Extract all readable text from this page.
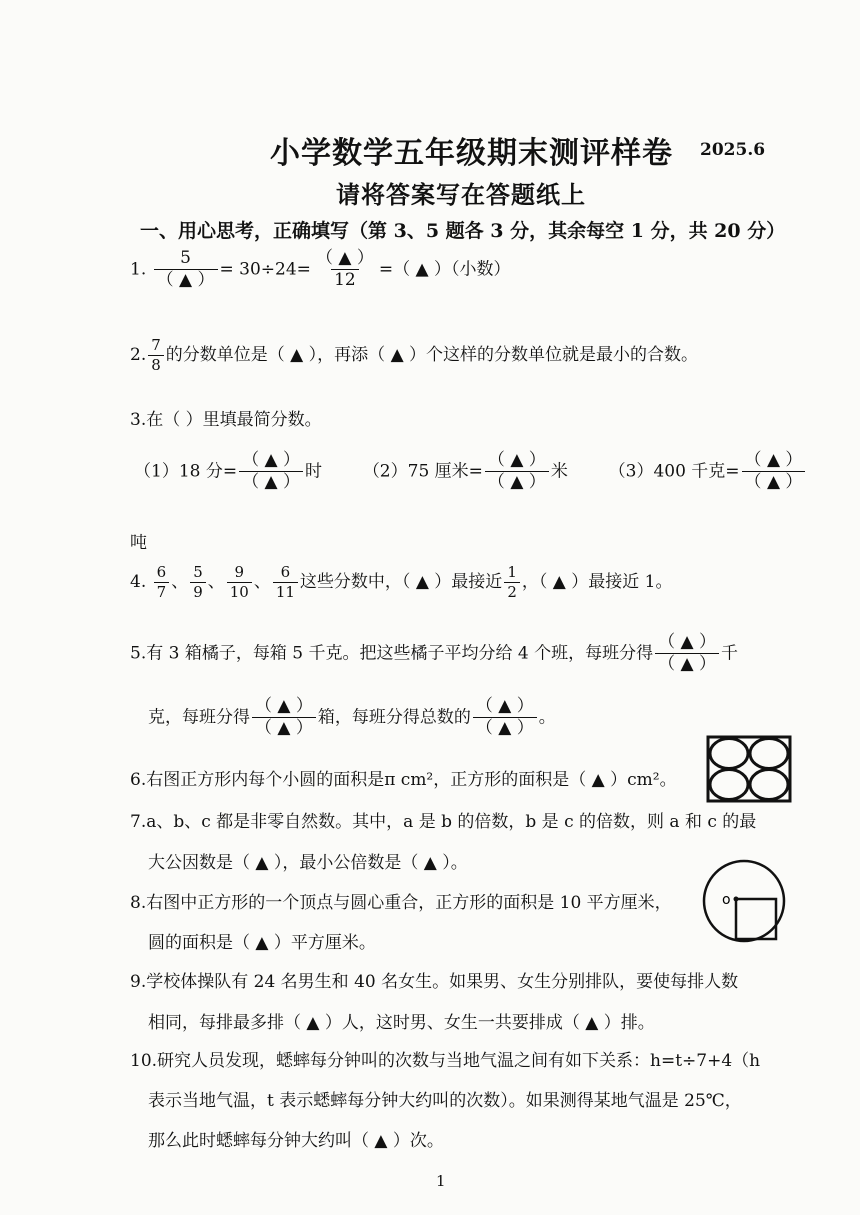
小学数学五年级期末测评样卷 2025.6
请将答案写在答题纸上
一、用心思考，正确填写（第 3、5 题各 3 分，其余每空 1 分，共 20 分）
1. $\frac{5}{( ▲ )} = 30\div 24= \frac{( ▲ )}{12}$ =（ ▲ ）（小数）
2. $\frac{7}{8}$ 的分数单位是（ ▲ ），再添（ ▲ ）个这样的分数单位就是最小的合数。
3.在（ ）里填最简分数。
（1）18 分= $\frac{( ▲ )}{( ▲ )}$ 时 （2）75 厘米= $\frac{( ▲ )}{( ▲ )}$ 米 （3）400 千克= $\frac{( ▲ )}{( ▲ )}$
吨
4. $\frac{6}{7}$ 、 $\frac{5}{9}$ 、 $\frac{9}{10}$ 、 $\frac{6}{11}$ 这些分数中，（ ▲ ）最接近 $\frac{1}{2}$ ，（ ▲ ）最接近 1。
5.有 3 箱橘子，每箱 5 千克。把这些橘子平均分给 4 个班，每班分得 $\frac{( ▲ )}{( ▲ )}$ 千
克，每班分得 $\frac{( ▲ )}{( ▲ )}$ 箱，每班分得总数的 $\frac{( ▲ )}{( ▲ )}$ 。
6.右图正方形内每个小圆的面积是π cm²，正方形的面积是（ ▲ ）cm²。
7.a、b、c 都是非零自然数。其中，a 是 b 的倍数，b 是 c 的倍数，则 a 和 c 的最
大公因数是（ ▲ ），最小公倍数是（ ▲ ）。
8.右图中正方形的一个顶点与圆心重合，正方形的面积是 10 平方厘米，
圆的面积是（ ▲ ）平方厘米。
o
9.学校体操队有 24 名男生和 40 名女生。如果男、女生分别排队，要使每排人数
相同，每排最多排（ ▲ ）人，这时男、女生一共要排成（ ▲ ）排。
10.研究人员发现，蟋蟀每分钟叫的次数与当地气温之间有如下关系：h=t÷7+4（h
表示当地气温，t 表示蟋蟀每分钟大约叫的次数）。如果测得某地气温是 25℃，
那么此时蟋蟀每分钟大约叫（ ▲ ）次。
1
